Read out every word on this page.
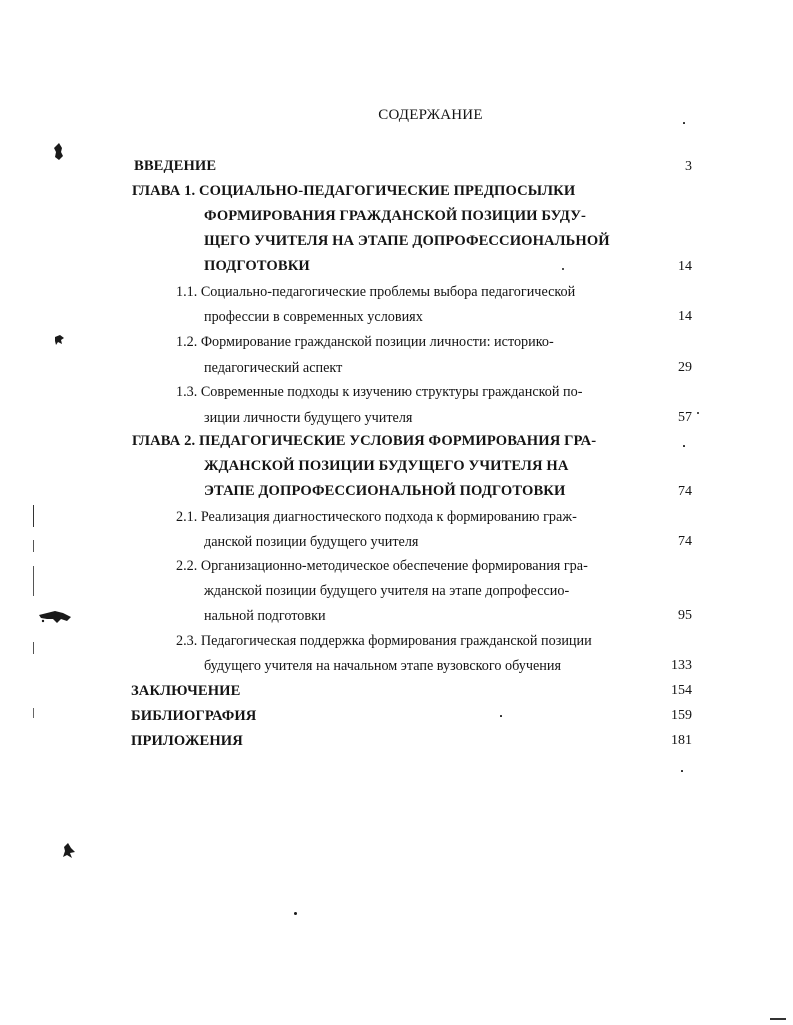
СОДЕРЖАНИЕ
ВВЕДЕНИЕ	3
ГЛАВА 1. СОЦИАЛЬНО-ПЕДАГОГИЧЕСКИЕ ПРЕДПОСЫЛКИ
ФОРМИРОВАНИЯ ГРАЖДАНСКОЙ ПОЗИЦИИ БУДУ-
ЩЕГО УЧИТЕЛЯ НА ЭТАПЕ ДОПРОФЕССИОНАЛЬНОЙ
ПОДГОТОВКИ	14
1.1. Социально-педагогические проблемы выбора педагогической
профессии в современных условиях	14
1.2. Формирование гражданской позиции личности: историко-
педагогический аспект	29
1.3. Современные подходы к изучению структуры гражданской по-
зиции личности будущего учителя	57
ГЛАВА 2. ПЕДАГОГИЧЕСКИЕ УСЛОВИЯ ФОРМИРОВАНИЯ ГРА-
ЖДАНСКОЙ ПОЗИЦИИ БУДУЩЕГО УЧИТЕЛЯ НА
ЭТАПЕ ДОПРОФЕССИОНАЛЬНОЙ ПОДГОТОВКИ	74
2.1. Реализация диагностического подхода к формированию граж-
данской позиции будущего учителя	74
2.2. Организационно-методическое обеспечение формирования гра-
жданской позиции будущего учителя на этапе допрофессио-
нальной подготовки	95
2.3. Педагогическая поддержка формирования гражданской позиции
будущего учителя на начальном этапе вузовского обучения	133
ЗАКЛЮЧЕНИЕ	154
БИБЛИОГРАФИЯ	159
ПРИЛОЖЕНИЯ	181
